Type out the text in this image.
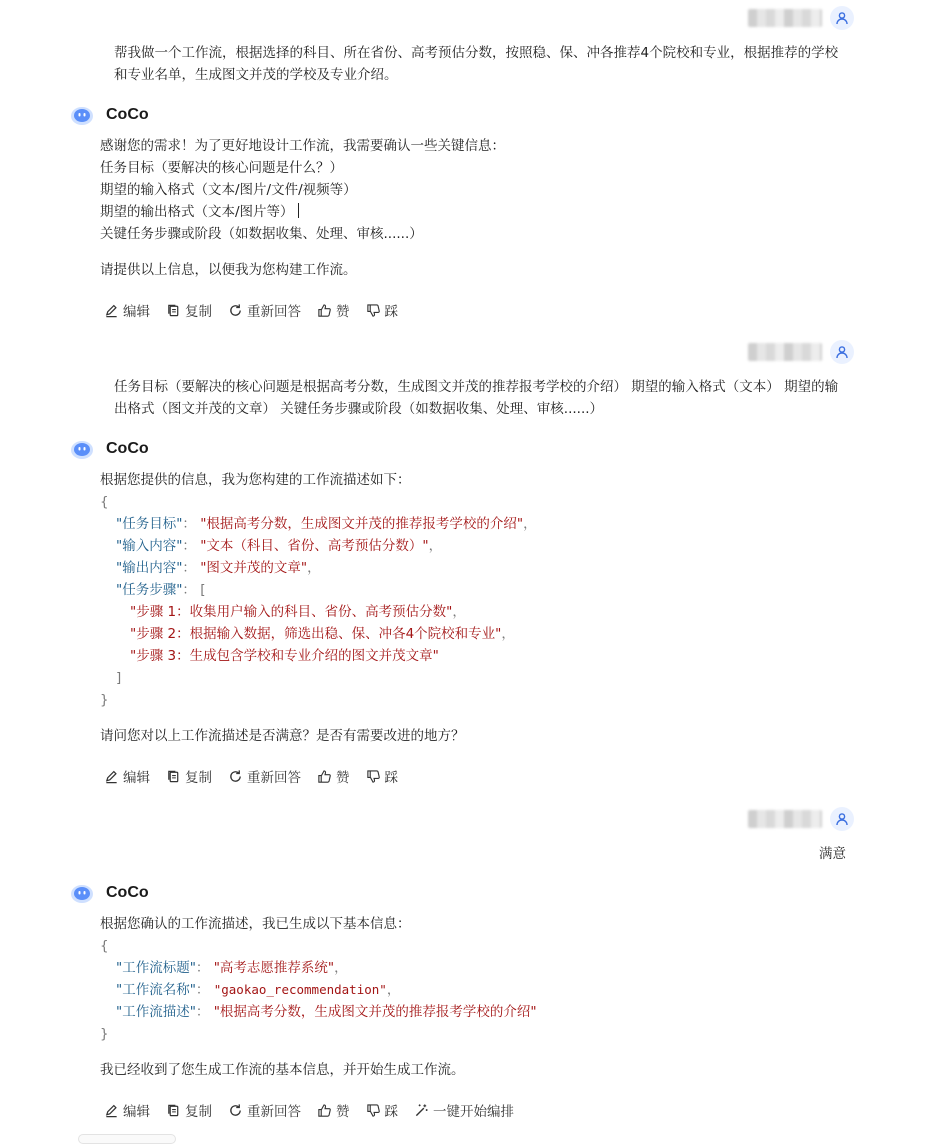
帮我做一个工作流，根据选择的科目、所在省份、高考预估分数，按照稳、保、冲各推荐4个院校和专业，根据推荐的学校和专业名单，生成图文并茂的学校及专业介绍。
CoCo
感谢您的需求！为了更好地设计工作流，我需要确认一些关键信息：
任务目标（要解决的核心问题是什么？）
期望的输入格式（文本/图片/文件/视频等）
期望的输出格式（文本/图片等）
关键任务步骤或阶段（如数据收集、处理、审核......）
请提供以上信息，以便我为您构建工作流。
编辑	复制	重新回答	赞	踩
任务目标（要解决的核心问题是根据高考分数，生成图文并茂的推荐报考学校的介绍） 期望的输入格式（文本） 期望的输出格式（图文并茂的文章） 关键任务步骤或阶段（如数据收集、处理、审核......）
CoCo
根据您提供的信息，我为您构建的工作流描述如下：
{
"任务目标"： "根据高考分数，生成图文并茂的推荐报考学校的介绍"，
"输入内容"： "文本（科目、省份、高考预估分数）"，
"输出内容"： "图文并茂的文章"，
"任务步骤"： [
"步骤 1：收集用户输入的科目、省份、高考预估分数"，
"步骤 2：根据输入数据，筛选出稳、保、冲各4个院校和专业"，
"步骤 3：生成包含学校和专业介绍的图文并茂文章"
]
}
请问您对以上工作流描述是否满意？是否有需要改进的地方？
编辑	复制	重新回答	赞	踩
满意
CoCo
根据您确认的工作流描述，我已生成以下基本信息：
{
"工作流标题"： "高考志愿推荐系统"，
"工作流名称"： "gaokao_recommendation"，
"工作流描述"： "根据高考分数，生成图文并茂的推荐报考学校的介绍"
}
我已经收到了您生成工作流的基本信息，并开始生成工作流。
编辑	复制	重新回答	赞	踩	一键开始编排
